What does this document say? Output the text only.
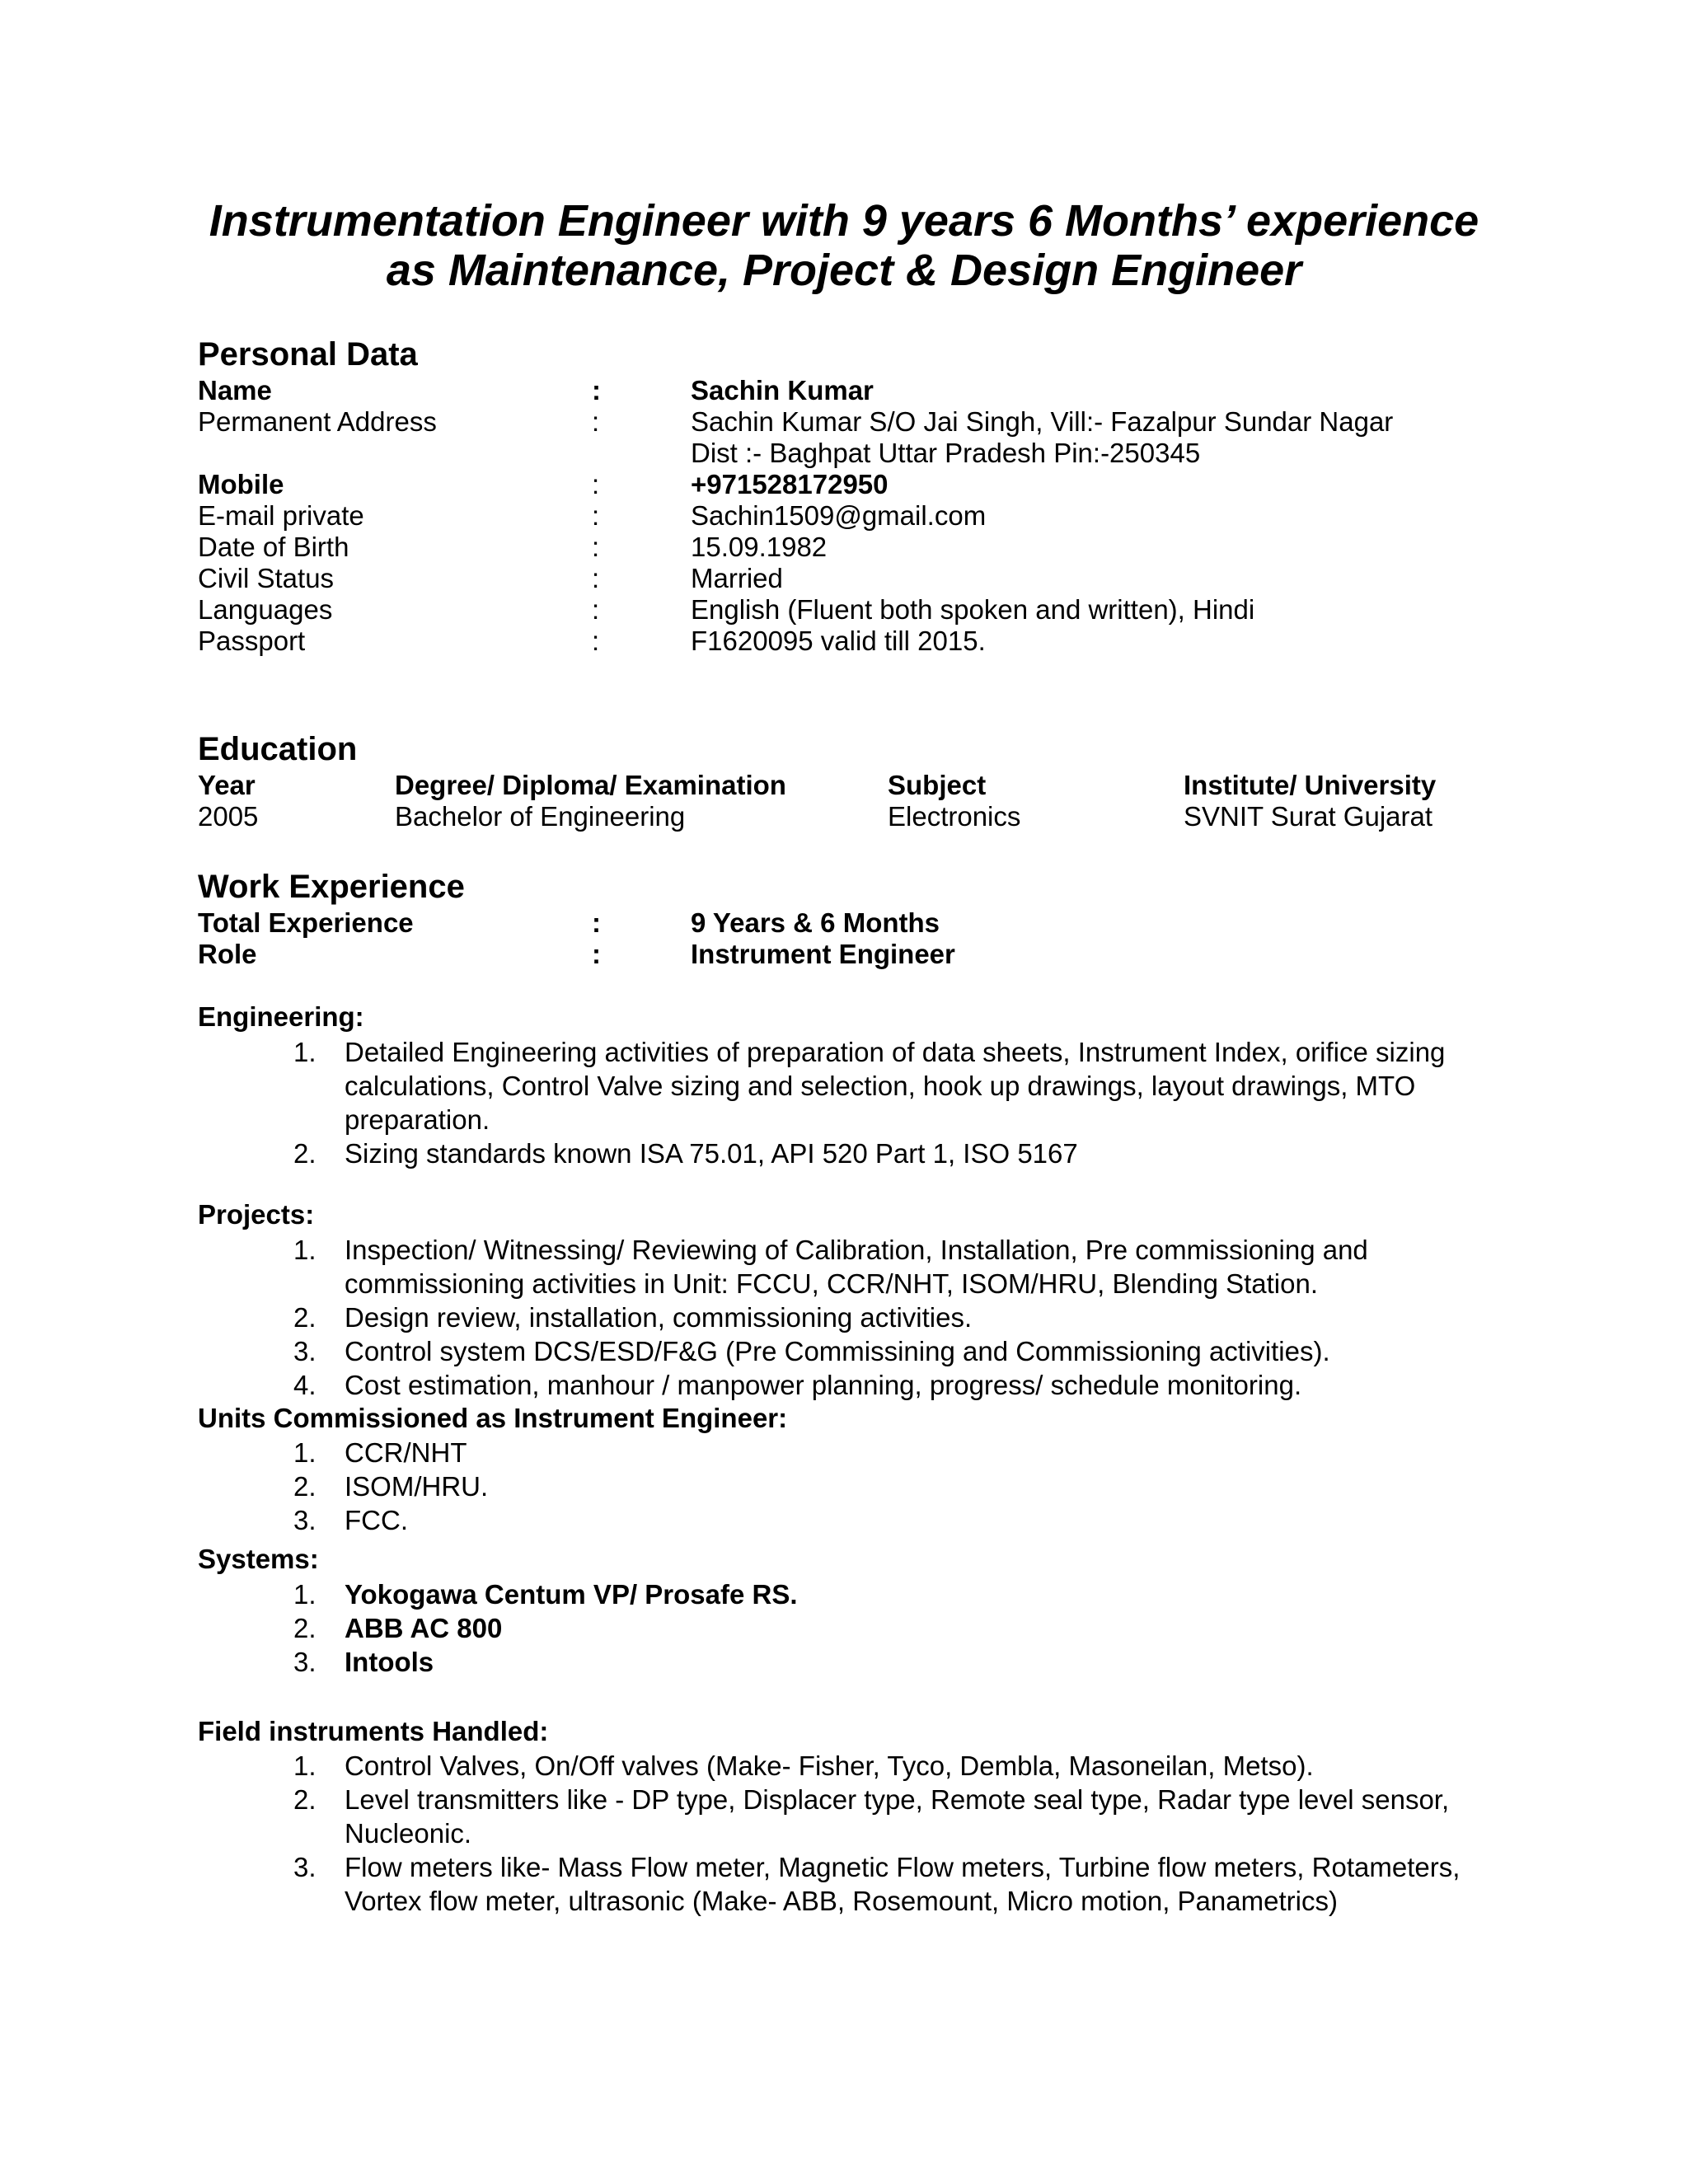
Instrumentation Engineer with 9 years 6 Months’ experience
as Maintenance, Project & Design Engineer
Personal Data
Name	:	Sachin Kumar
Permanent Address	:	Sachin Kumar S/O Jai Singh, Vill:- Fazalpur Sundar Nagar
Dist :- Baghpat Uttar Pradesh Pin:-250345
Mobile	:	+971528172950
E-mail private	:	Sachin1509@gmail.com
Date of Birth	:	15.09.1982
Civil Status	:	Married
Languages	:	English (Fluent both spoken and written), Hindi
Passport	:	F1620095 valid till 2015.
Education
Year	Degree/ Diploma/ Examination	Subject	Institute/ University
2005	Bachelor of Engineering	Electronics	SVNIT Surat Gujarat
Work Experience
Total Experience	:	9 Years & 6 Months
Role	:	Instrument Engineer
Engineering:
1. Detailed Engineering activities of preparation of data sheets, Instrument Index, orifice sizing calculations, Control Valve sizing and selection, hook up drawings, layout drawings, MTO preparation.
2. Sizing standards known ISA 75.01, API 520 Part 1, ISO 5167
Projects:
1. Inspection/ Witnessing/ Reviewing of Calibration, Installation, Pre commissioning and commissioning activities in Unit: FCCU, CCR/NHT, ISOM/HRU, Blending Station.
2. Design review, installation, commissioning activities.
3. Control system DCS/ESD/F&G (Pre Commissining and Commissioning activities).
4. Cost estimation, manhour / manpower planning, progress/ schedule monitoring.
Units Commissioned as Instrument Engineer:
1. CCR/NHT
2. ISOM/HRU.
3. FCC.
Systems:
1. Yokogawa Centum VP/ Prosafe RS.
2. ABB AC 800
3. Intools
Field instruments Handled:
1. Control Valves, On/Off valves (Make- Fisher, Tyco, Dembla, Masoneilan, Metso).
2. Level transmitters like - DP type, Displacer type, Remote seal type, Radar type level sensor, Nucleonic.
3. Flow meters like- Mass Flow meter, Magnetic Flow meters, Turbine flow meters, Rotameters, Vortex flow meter, ultrasonic (Make- ABB, Rosemount, Micro motion, Panametrics)
